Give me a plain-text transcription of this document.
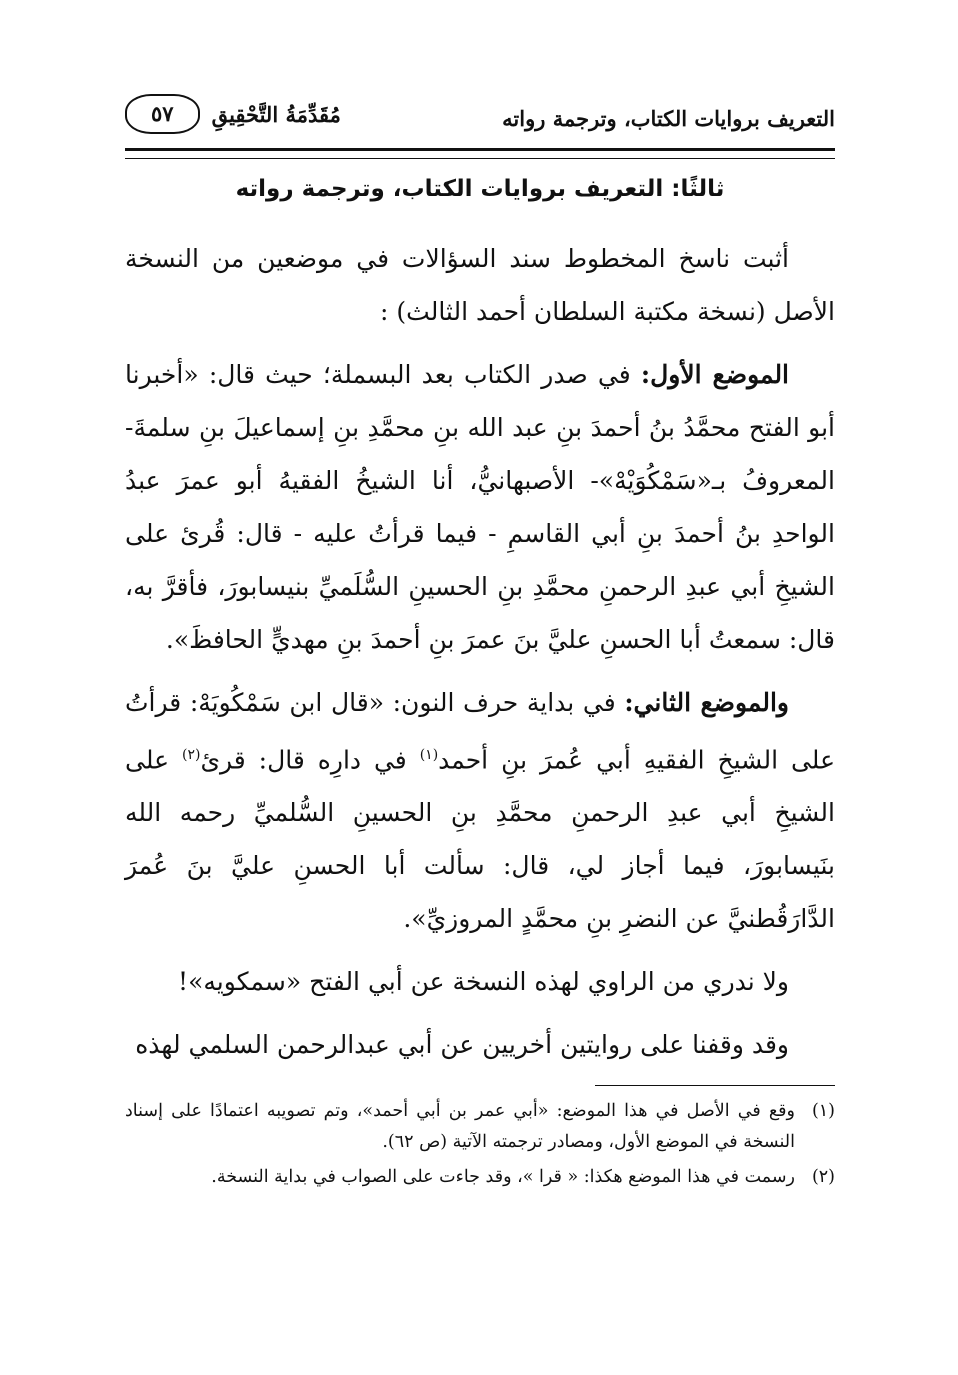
التعريف بروايات الكتاب، وترجمة رواته
مُقَدِّمَةُ التَّحْقِيقِ
٥٧
ثالثًا: التعريف بروايات الكتاب، وترجمة رواته

أثبت ناسخ المخطوط سند السؤالات في موضعين من النسخة الأصل (نسخة مكتبة السلطان أحمد الثالث) :

الموضع الأول: في صدر الكتاب بعد البسملة؛ حيث قال: «أخبرنا أبو الفتح محمَّدُ بنُ أحمدَ بنِ عبد الله بنِ محمَّدِ بنِ إسماعيلَ بنِ سلمةَ- المعروفُ بـ«سَمْكُوَيْهْ»- الأصبهانيُّ، أنا الشيخُ الفقيهُ أبو عمرَ عبدُ الواحدِ بنُ أحمدَ بنِ أبي القاسمِ - فيما قرأتُ عليه - قال: قُرئ على الشيخِ أبي عبدِ الرحمنِ محمَّدِ بنِ الحسينِ السُّلَميِّ بنيسابورَ، فأقرَّ به، قال: سمعتُ أبا الحسنِ عليَّ بنَ عمرَ بنِ أحمدَ بنِ مهديٍّ الحافظَ».

والموضع الثاني: في بداية حرف النون: «قال ابن سَمْكُويَهْ: قرأتُ على الشيخِ الفقيهِ أبي عُمرَ بنِ أحمد$^{(١)}$ في دارِه قال: قرئ$^{(٢)}$ على الشيخِ أبي عبدِ الرحمنِ محمَّدِ بنِ الحسينِ السُّلميِّ رحمه الله بنَيسابورَ، فيما أجاز لي، قال: سألت أبا الحسنِ عليَّ بنَ عُمرَ الدَّارَقُطنيَّ عن النضرِ بنِ محمَّدٍ المروزيِّ».

ولا ندري من الراوي لهذه النسخة عن أبي الفتح «سمكويه»!

وقد وقفنا على روايتين أخريين عن أبي عبدالرحمن السلمي لهذه

(١)
وقع في الأصل في هذا الموضع: «أبي عمر بن أبي أحمد»، وتم تصويبه اعتمادًا على إسناد النسخة في الموضع الأول، ومصادر ترجمته الآتية (ص ٦٢).
(٢)
رسمت في هذا الموضع هكذا: « قرا »، وقد جاءت على الصواب في بداية النسخة.
